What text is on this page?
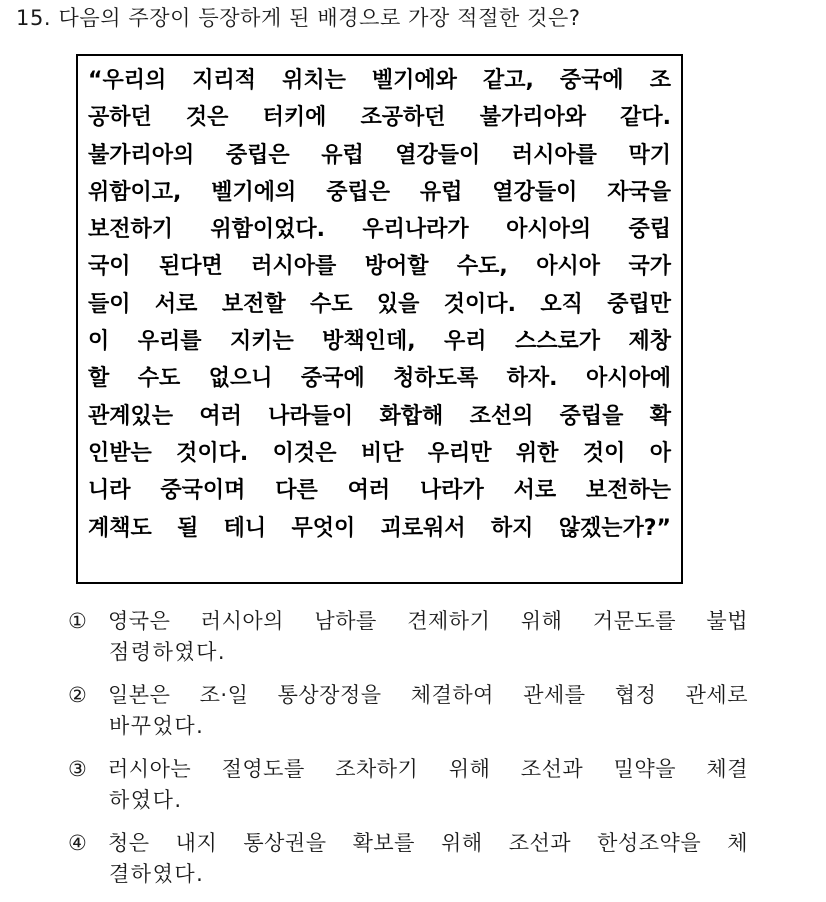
15. 다음의 주장이 등장하게 된 배경으로 가장 적절한 것은?
“우리의 지리적 위치는 벨기에와 같고, 중국에 조
공하던 것은 터키에 조공하던 불가리아와 같다.
불가리아의 중립은 유럽 열강들이 러시아를 막기
위함이고, 벨기에의 중립은 유럽 열강들이 자국을
보전하기 위함이었다. 우리나라가 아시아의 중립
국이 된다면 러시아를 방어할 수도, 아시아 국가
들이 서로 보전할 수도 있을 것이다. 오직 중립만
이 우리를 지키는 방책인데, 우리 스스로가 제창
할 수도 없으니 중국에 청하도록 하자. 아시아에
관계있는 여러 나라들이 화합해 조선의 중립을 확
인받는 것이다. 이것은 비단 우리만 위한 것이 아
니라 중국이며 다른 여러 나라가 서로 보전하는
계책도 될 테니 무엇이 괴로워서 하지 않겠는가?”
①	영국은 러시아의 남하를 견제하기 위해 거문도를 불법
점령하였다.
②	일본은 조·일 통상장정을 체결하여 관세를 협정 관세로
바꾸었다.
③	러시아는 절영도를 조차하기 위해 조선과 밀약을 체결
하였다.
④	청은 내지 통상권을 확보를 위해 조선과 한성조약을 체
결하였다.
